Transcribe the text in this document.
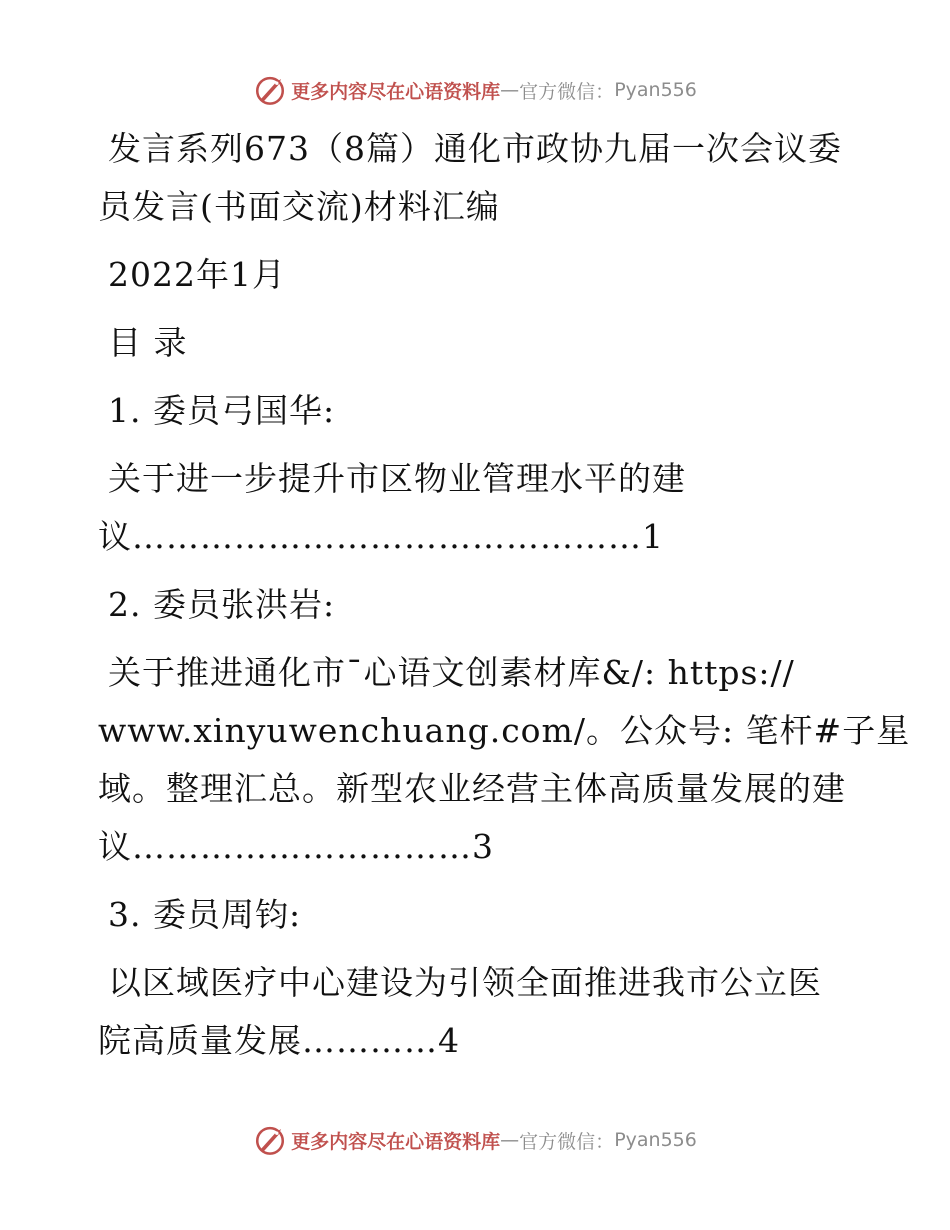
更多内容尽在心语资料库 — 官方微信： Pyan556
发言系列673（8篇）通化市政协九届一次会议委
员发言(书面交流)材料汇编
2022年1月
目 录
1. 委员弓国华:
关于进一步提升市区物业管理水平的建
议………………………………………1
2. 委员张洪岩:
关于推进通化市¯心语文创素材库&/: https://
www.xinyuwenchuang.com/。公众号: 笔杆#子星
域。整理汇总。新型农业经营主体高质量发展的建
议…………………………3
3. 委员周钧:
以区域医疗中心建设为引领全面推进我市公立医
院高质量发展…………4
更多内容尽在心语资料库 — 官方微信： Pyan556
